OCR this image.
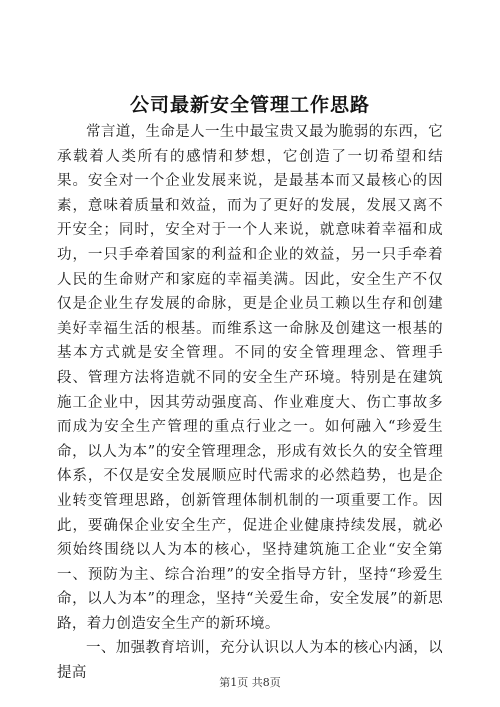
公司最新安全管理工作思路

常言道，生命是人一生中最宝贵又最为脆弱的东西，它承载着人类所有的感情和梦想，它创造了一切希望和结果。安全对一个企业发展来说，是最基本而又最核心的因素，意味着质量和效益，而为了更好的发展，发展又离不开安全；同时，安全对于一个人来说，就意味着幸福和成功，一只手牵着国家的利益和企业的效益，另一只手牵着人民的生命财产和家庭的幸福美满。因此，安全生产不仅仅是企业生存发展的命脉，更是企业员工赖以生存和创建美好幸福生活的根基。而维系这一命脉及创建这一根基的基本方式就是安全管理。不同的安全管理理念、管理手段、管理方法将造就不同的安全生产环境。特别是在建筑施工企业中，因其劳动强度高、作业难度大、伤亡事故多而成为安全生产管理的重点行业之一。如何融入“珍爱生命，以人为本”的安全管理理念，形成有效长久的安全管理体系，不仅是安全发展顺应时代需求的必然趋势，也是企业转变管理思路，创新管理体制机制的一项重要工作。因此，要确保企业安全生产，促进企业健康持续发展，就必须始终围绕以人为本的核心，坚持建筑施工企业“安全第一、预防为主、综合治理”的安全指导方针，坚持“珍爱生命，以人为本”的理念，坚持“关爱生命，安全发展”的新思路，着力创造安全生产的新环境。

一、加强教育培训，充分认识以人为本的核心内涵，以提高

第1页 共8页
